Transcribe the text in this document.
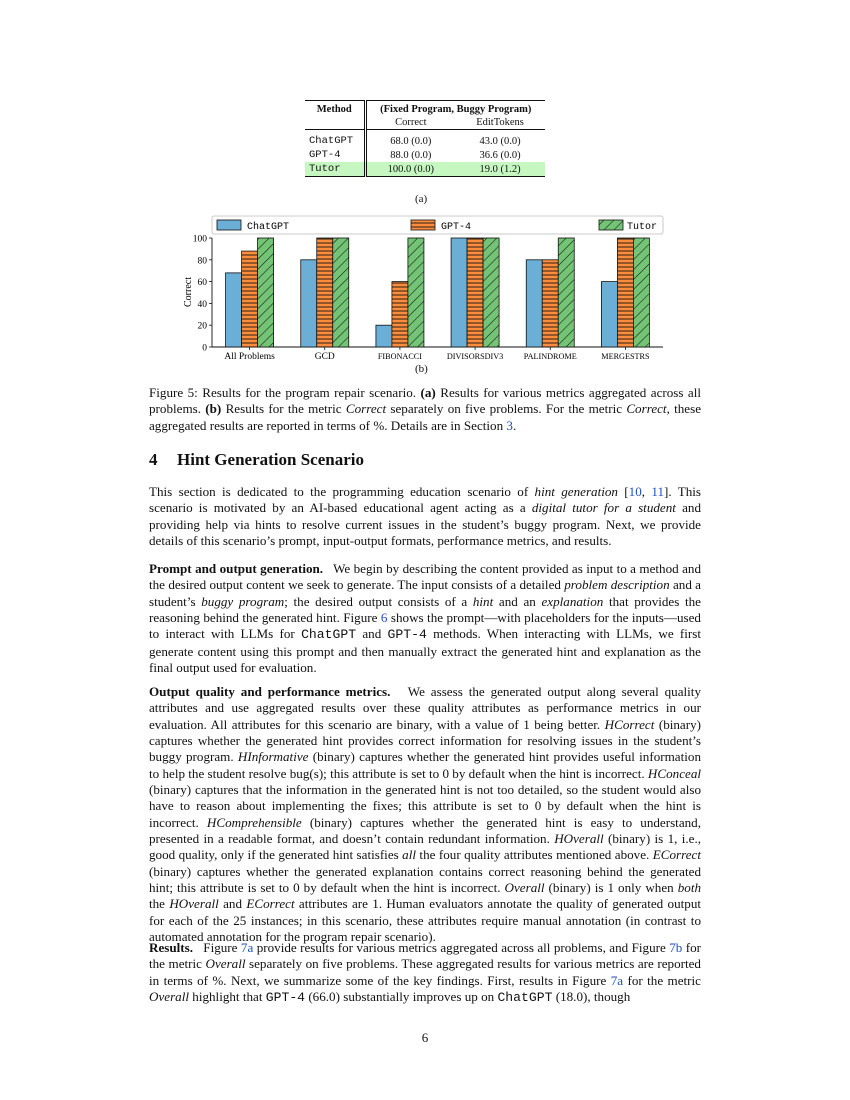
Method	(Fixed Program, Buggy Program)	
	Correct	EditTokens
ChatGPT	68.0 (0.0)	43.0 (0.0)
GPT-4	88.0 (0.0)	36.6 (0.0)
Tutor	100.0 (0.0)	19.0 (1.2)
(a)
ChatGPT	GPT-4	Tutor
0
20
40
60
80
100
All Problems	GCD	FIBONACCI	DIVISORSDIV3	PALINDROME	MERGESTRS
Correct
(b)

Figure 5: Results for the program repair scenario. (a) Results for various metrics aggregated across all problems. (b) Results for the metric Correct separately on five problems. For the metric Correct, these aggregated results are reported in terms of %. Details are in Section 3.

4 Hint Generation Scenario

This section is dedicated to the programming education scenario of hint generation [10, 11]. This scenario is motivated by an AI-based educational agent acting as a digital tutor for a student and providing help via hints to resolve current issues in the student’s buggy program. Next, we provide details of this scenario’s prompt, input-output formats, performance metrics, and results.

Prompt and output generation.   We begin by describing the content provided as input to a method and the desired output content we seek to generate. The input consists of a detailed problem description and a student’s buggy program; the desired output consists of a hint and an explanation that provides the reasoning behind the generated hint. Figure 6 shows the prompt—with placeholders for the inputs—used to interact with LLMs for ChatGPT and GPT-4 methods. When interacting with LLMs, we first generate content using this prompt and then manually extract the generated hint and explanation as the final output used for evaluation.

Output quality and performance metrics.   We assess the generated output along several quality attributes and use aggregated results over these quality attributes as performance metrics in our evaluation. All attributes for this scenario are binary, with a value of 1 being better. HCorrect (binary) captures whether the generated hint provides correct information for resolving issues in the student’s buggy program. HInformative (binary) captures whether the generated hint provides useful information to help the student resolve bug(s); this attribute is set to 0 by default when the hint is incorrect. HConceal (binary) captures that the information in the generated hint is not too detailed, so the student would also have to reason about implementing the fixes; this attribute is set to 0 by default when the hint is incorrect. HComprehensible (binary) captures whether the generated hint is easy to understand, presented in a readable format, and doesn’t contain redundant information. HOverall (binary) is 1, i.e., good quality, only if the generated hint satisfies all the four quality attributes mentioned above. ECorrect (binary) captures whether the generated explanation contains correct reasoning behind the generated hint; this attribute is set to 0 by default when the hint is incorrect. Overall (binary) is 1 only when both the HOverall and ECorrect attributes are 1. Human evaluators annotate the quality of generated output for each of the 25 instances; in this scenario, these attributes require manual annotation (in contrast to automated annotation for the program repair scenario).

Results.   Figure 7a provide results for various metrics aggregated across all problems, and Figure 7b for the metric Overall separately on five problems. These aggregated results for various metrics are reported in terms of %. Next, we summarize some of the key findings. First, results in Figure 7a for the metric Overall highlight that GPT-4 (66.0) substantially improves up on ChatGPT (18.0), though

6
